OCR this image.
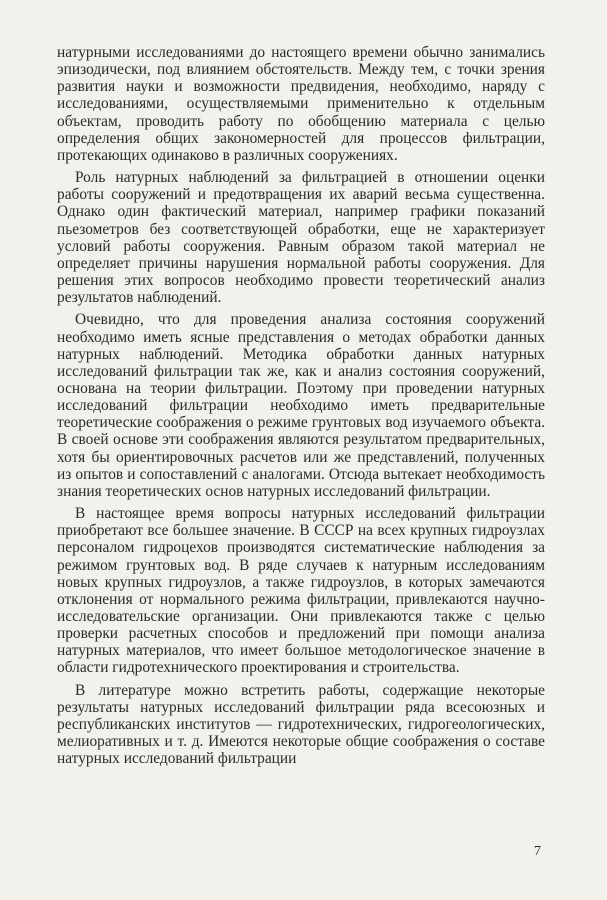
натурными исследованиями до настоящего времени обычно занимались эпизодически, под влиянием обстоятельств. Между тем, с точки зрения развития науки и возможности предвидения, необходимо, наряду с исследованиями, осуществляемыми применительно к отдельным объектам, проводить работу по обобщению материала с целью определения общих закономерностей для процессов фильтрации, протекающих одинаково в различных сооружениях.

Роль натурных наблюдений за фильтрацией в отношении оценки работы сооружений и предотвращения их аварий весьма существенна. Однако один фактический материал, например графики показаний пьезометров без соответствующей обработки, еще не характеризует условий работы сооружения. Равным образом такой материал не определяет причины нарушения нормальной работы сооружения. Для решения этих вопросов необходимо провести теоретический анализ результатов наблюдений.

Очевидно, что для проведения анализа состояния сооружений необходимо иметь ясные представления о методах обработки данных натурных наблюдений. Методика обработки данных натурных исследований фильтрации так же, как и анализ состояния сооружений, основана на теории фильтрации. Поэтому при проведении натурных исследований фильтрации необходимо иметь предварительные теоретические соображения о режиме грунтовых вод изучаемого объекта. В своей основе эти соображения являются результатом предварительных, хотя бы ориентировочных расчетов или же представлений, полученных из опытов и сопоставлений с аналогами. Отсюда вытекает необходимость знания теоретических основ натурных исследований фильтрации.

В настоящее время вопросы натурных исследований фильтрации приобретают все большее значение. В СССР на всех крупных гидроузлах персоналом гидроцехов производятся систематические наблюдения за режимом грунтовых вод. В ряде случаев к натурным исследованиям новых крупных гидроузлов, а также гидроузлов, в которых замечаются отклонения от нормального режима фильтрации, привлекаются научно-исследовательские организации. Они привлекаются также с целью проверки расчетных способов и предложений при помощи анализа натурных материалов, что имеет большое методологическое значение в области гидротехнического проектирования и строительства.

В литературе можно встретить работы, содержащие некоторые результаты натурных исследований фильтрации ряда всесоюзных и республиканских институтов — гидротехнических, гидрогеологических, мелиоративных и т. д. Имеются некоторые общие соображения о составе натурных исследований фильтрации

7
